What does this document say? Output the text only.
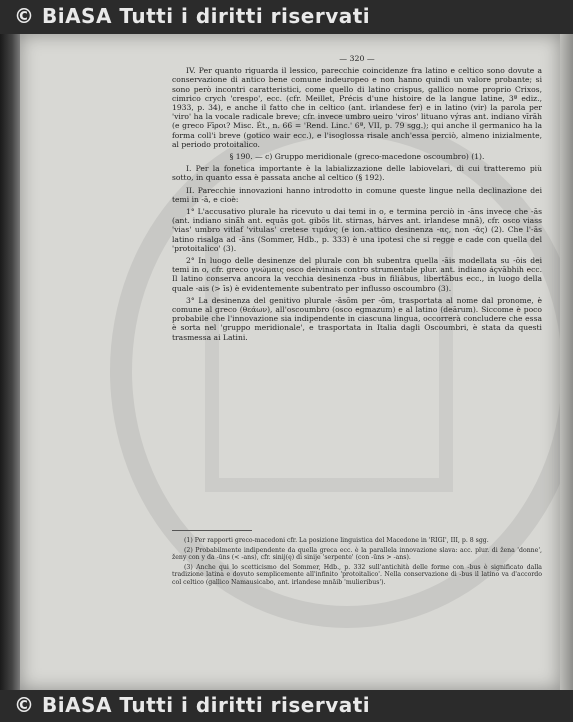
© BiASA Tutti i diritti riservati

— 320 —

IV. Per quanto riguarda il lessico, parecchie coincidenze fra latino e celtico sono dovute a conservazione di antico bene comune indeuropeo e non hanno quindi un valore probante; si sono però incontri caratteristici, come quello di latino crispus, gallico nome proprio Crixos, cimrico crych 'crespo', ecc. (cfr. Meillet, Précis d'une histoire de la langue latine, 3ª ediz., 1933, p. 34), e anche il fatto che in celtico (ant. irlandese fer) e in latino (vir) la parola per 'viro' ha la vocale radicale breve; cfr. invece umbro ueiro 'viros' lituano výras ant. indiano vīrāh (e greco Fīροι? Misc. Ét., n. 66 = 'Rend. Linc.' 6ª, VII, p. 79 sgg.); qui anche il germanico ha la forma coll'i breve (gotico wair ecc.), e l'isoglossa risale anch'essa perciò, almeno inizialmente, al periodo protoitalico.

§ 190. — c) Gruppo meridionale (greco-macedone oscoumbro) (1).

I. Per la fonetica importante è la labializzazione delle labiovelari, di cui tratteremo più sotto, in quanto essa è passata anche al celtico (§ 192).

II. Parecchie innovazioni hanno introdotto in comune queste lingue nella declinazione dei temi in -ā, e cioè:

1° L'accusativo plurale ha ricevuto u dai temi in o, e termina perciò in -āns invece che -ās (ant. indiano sinā̆h ant. equās got. gibōs lit. stirnas, hárves ant. irlandese mnā), cfr. osco viass 'vias' umbro vitlaf 'vitulas' cretese τιμάνς (e ion.-attico desinenza -ας, non -ᾱς) (2). Che l'-ās latino risalga ad -āns (Sommer, Hdb., p. 333) è una ipotesi che si regge e cade con quella del 'protoitalico' (3).

2° In luogo delle desinenze del plurale con bh subentra quella -āis modellata su -ōis dei temi in o, cfr. greco γνώμαις osco deivinais contro strumentale plur. ant. indiano áçvābhih ecc. Il latino conserva ancora la vecchia desinenza -bus in filiābus, libertābus ecc., in luogo della quale -ais (> īs) è evidentemente subentrato per influsso oscoumbro (3).

3° La desinenza del genitivo plurale -āsōm per -ōm, trasportata al nome dal pronome, è comune al greco (θεάων), all'oscoumbro (osco egmazum) e al latino (deārum). Siccome è poco probabile che l'innovazione sia indipendente in ciascuna lingua, occorrerà concludere che essa è sorta nel 'gruppo meridionale', e trasportata in Italia dagli Oscoumbri, è stata da questi trasmessa ai Latini.

(1) Per rapporti greco-macedoni cfr. La posizione linguistica del Macedone in 'RIGI', III, p. 8 sgg.

(2) Probabilmente indipendente da quella greca ecc. è la parallela innovazione slava: acc. plur. di žena 'donne', ženy con y da -ūns (< -ans), cfr. sinij(ę) di sinije 'serpente' (con -ūns > -ans).

(3) Anche qui lo scetticismo del Sommer, Hdb., p. 332 sull'antichità delle forme con -bus è significato dalla tradizione latina e dovuto semplicemente all'infinito 'protoitalico'. Nella conservazione di -bus il latino va d'accordo col celtico (gallico Namausicabo, ant. irlandese mnāib 'mulieribus').

© BiASA Tutti i diritti riservati
